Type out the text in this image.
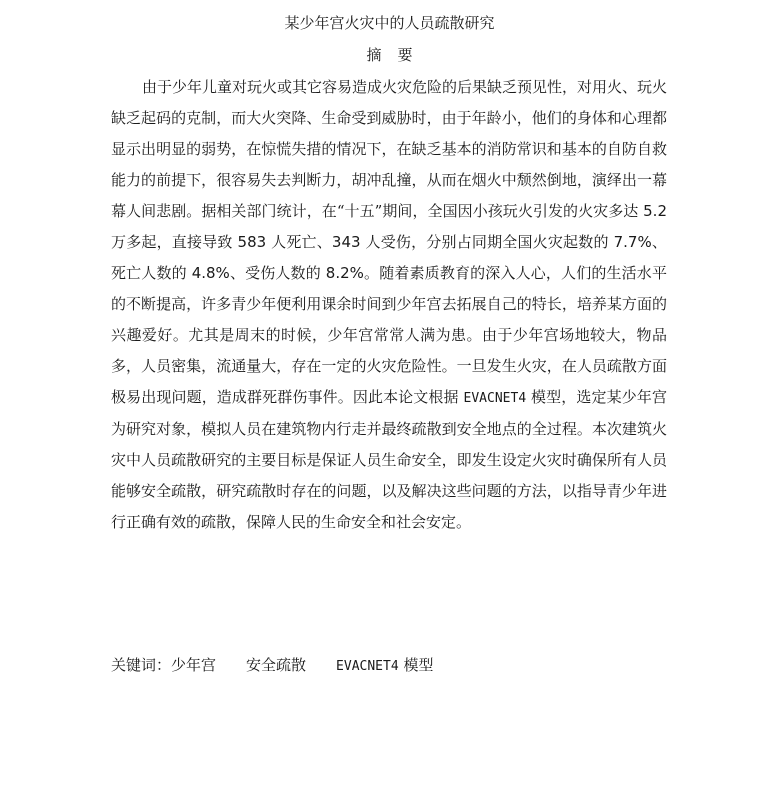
某少年宫火灾中的人员疏散研究
摘要

由于少年儿童对玩火或其它容易造成火灾危险的后果缺乏预见性，对用火、玩火缺乏起码的克制，而大火突降、生命受到威胁时，由于年龄小，他们的身体和心理都显示出明显的弱势，在惊慌失措的情况下，在缺乏基本的消防常识和基本的自防自救能力的前提下，很容易失去判断力，胡冲乱撞，从而在烟火中颓然倒地，演绎出一幕幕人间悲剧。据相关部门统计，在“十五”期间，全国因小孩玩火引发的火灾多达 5.2 万多起，直接导致 583 人死亡、343 人受伤，分别占同期全国火灾起数的 7.7%、死亡人数的 4.8%、受伤人数的 8.2%。随着素质教育的深入人心，人们的生活水平的不断提高，许多青少年便利用课余时间到少年宫去拓展自己的特长，培养某方面的兴趣爱好。尤其是周末的时候，少年宫常常人满为患。由于少年宫场地较大，物品多，人员密集，流通量大，存在一定的火灾危险性。一旦发生火灾，在人员疏散方面极易出现问题，造成群死群伤事件。因此本论文根据 EVACNET4 模型，选定某少年宫为研究对象，模拟人员在建筑物内行走并最终疏散到安全地点的全过程。本次建筑火灾中人员疏散研究的主要目标是保证人员生命安全，即发生设定火灾时确保所有人员能够安全疏散，研究疏散时存在的问题，以及解决这些问题的方法，以指导青少年进行正确有效的疏散，保障人民的生命安全和社会安定。

关键词：少年宫 安全疏散 EVACNET4 模型
